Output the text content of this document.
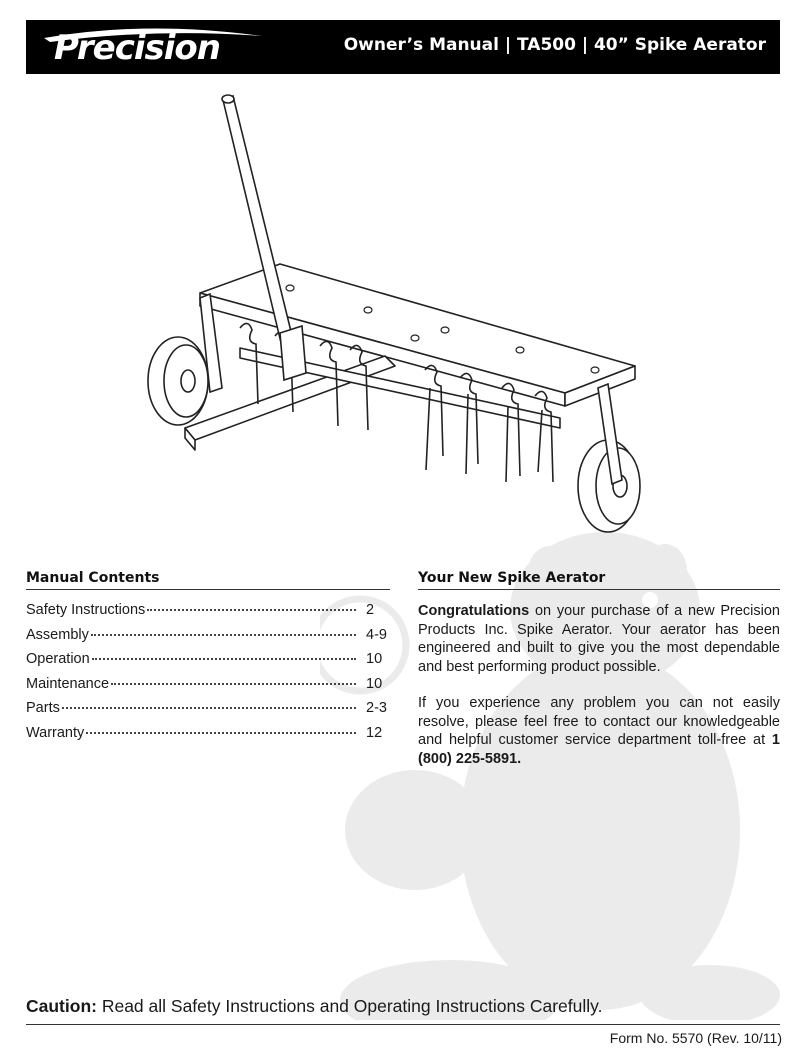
Precision	Owner’s Manual | TA500 | 40” Spike Aerator
Manual Contents
Safety Instructions	2
Assembly	4-9
Operation	10
Maintenance	10
Parts	2-3
Warranty	12
Your New Spike Aerator

Congratulations on your purchase of a new Precision Products Inc. Spike Aerator. Your aerator has been engineered and built to give you the most dependable and best performing product possible.

If you experience any problem you can not easily resolve, please feel free to contact our knowledgeable and helpful customer service department toll-free at 1 (800) 225-5891.

Caution: Read all Safety Instructions and Operating Instructions Carefully.
Form No. 5570 (Rev. 10/11)
